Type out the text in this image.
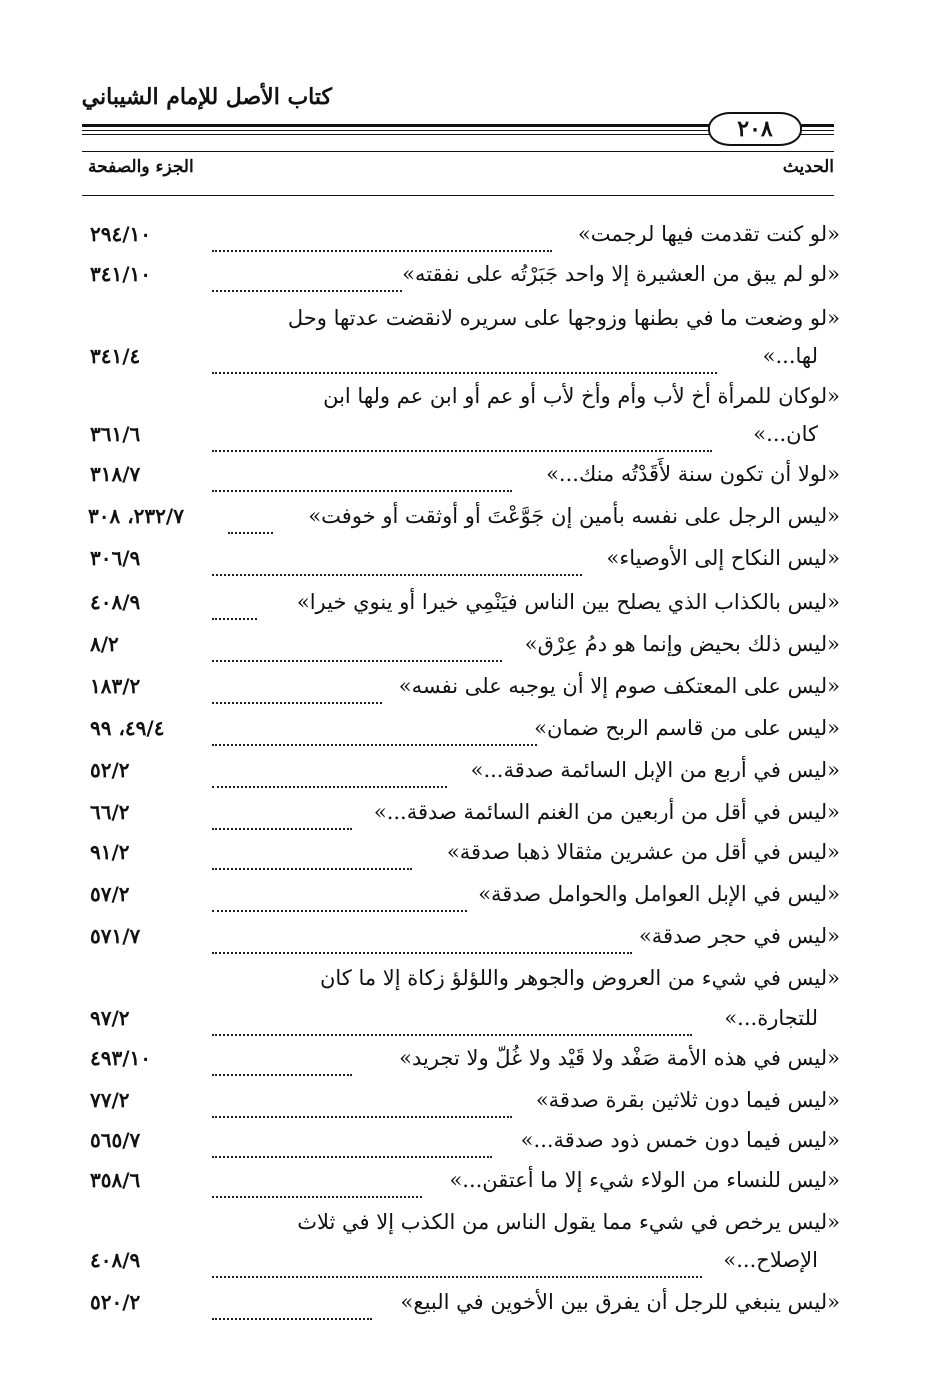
كتاب الأصل للإمام الشيباني
٢٠٨
الحديث
الجزء والصفحة
«لو كنت تقدمت فيها لرجمت»
٢٩٤/١٠
«لو لم يبق من العشيرة إلا واحد جَبَرْتُه على نفقته»
٣٤١/١٠
«لو وضعت ما في بطنها وزوجها على سريره لانقضت عدتها وحل
لها...»
٣٤١/٤
«لوكان للمرأة أخ لأب وأم وأخ لأب أو عم أو ابن عم ولها ابن
كان...»
٣٦١/٦
«لولا أن تكون سنة لأَقَدْتُه منك...»
٣١٨/٧
«ليس الرجل على نفسه بأمين إن جَوَّعْتَ أو أوثقت أو خوفت»
٢٣٢/٧، ٣٠٨
«ليس النكاح إلى الأوصياء»
٣٠٦/٩
«ليس بالكذاب الذي يصلح بين الناس فيَنْمِي خيرا أو ينوي خيرا»
٤٠٨/٩
«ليس ذلك بحيض وإنما هو دمُ عِرْق»
٨/٢
«ليس على المعتكف صوم إلا أن يوجبه على نفسه»
١٨٣/٢
«ليس على من قاسم الربح ضمان»
٤٩/٤، ٩٩
«ليس في أربع من الإبل السائمة صدقة...»
٥٢/٢
«ليس في أقل من أربعين من الغنم السائمة صدقة...»
٦٦/٢
«ليس في أقل من عشرين مثقالا ذهبا صدقة»
٩١/٢
«ليس في الإبل العوامل والحوامل صدقة»
٥٧/٢
«ليس في حجر صدقة»
٥٧١/٧
«ليس في شيء من العروض والجوهر واللؤلؤ زكاة إلا ما كان
للتجارة...»
٩٧/٢
«ليس في هذه الأمة صَفْد ولا قَيْد ولا غُلّ ولا تجريد»
٤٩٣/١٠
«ليس فيما دون ثلاثين بقرة صدقة»
٧٧/٢
«ليس فيما دون خمس ذود صدقة...»
٥٦٥/٧
«ليس للنساء من الولاء شيء إلا ما أعتقن...»
٣٥٨/٦
«ليس يرخص في شيء مما يقول الناس من الكذب إلا في ثلاث
الإصلاح...»
٤٠٨/٩
«ليس ينبغي للرجل أن يفرق بين الأخوين في البيع»
٥٢٠/٢
